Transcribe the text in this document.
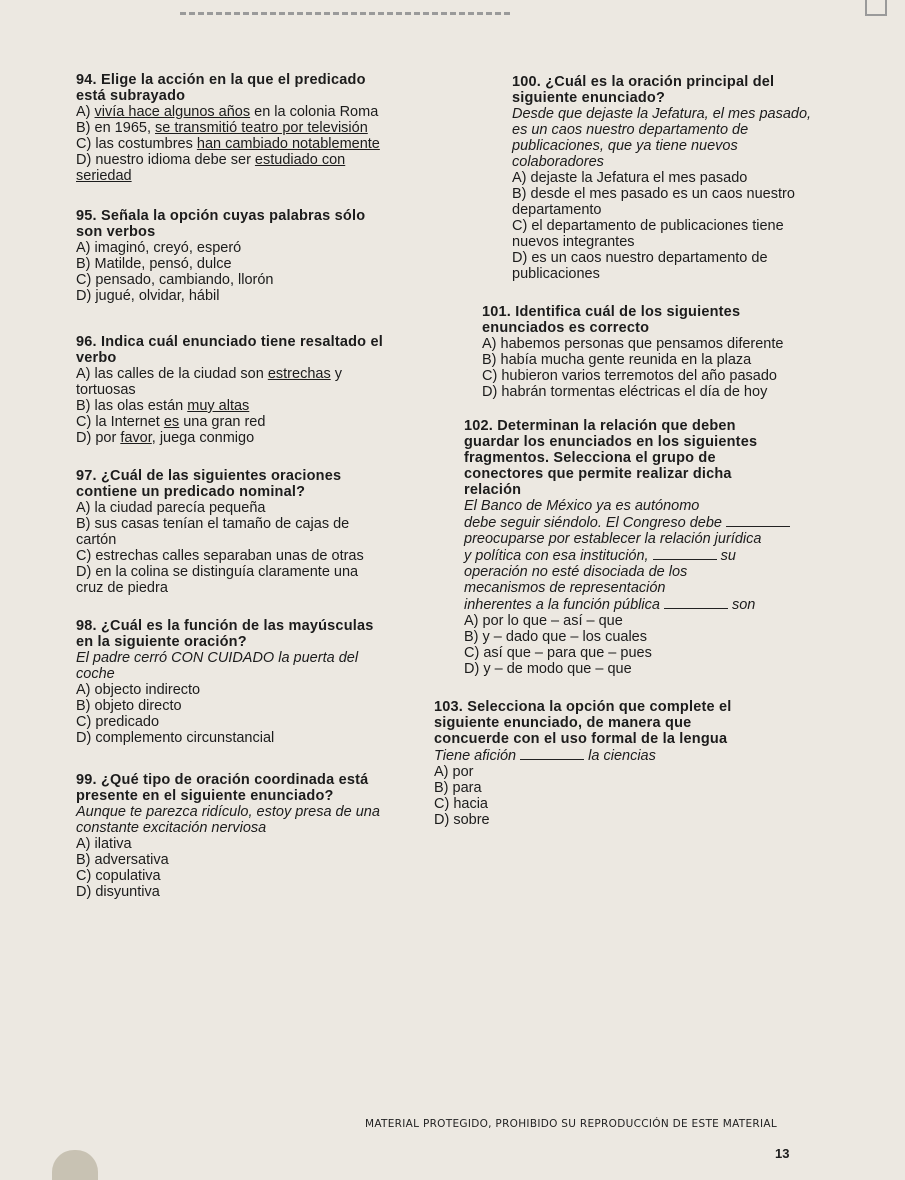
94. Elige la acción en la que el predicado
está subrayado
A) vivía hace algunos años en la colonia Roma
B) en 1965, se transmitió teatro por televisión
C) las costumbres han cambiado notablemente
D) nuestro idioma debe ser estudiado con
seriedad
95. Señala la opción cuyas palabras sólo
son verbos
A) imaginó, creyó, esperó
B) Matilde, pensó, dulce
C) pensado, cambiando, llorón
D) jugué, olvidar, hábil
96. Indica cuál enunciado tiene resaltado el
verbo
A) las calles de la ciudad son estrechas y
tortuosas
B) las olas están muy altas
C) la Internet es una gran red
D) por favor, juega conmigo
97. ¿Cuál de las siguientes oraciones
contiene un predicado nominal?
A) la ciudad parecía pequeña
B) sus casas tenían el tamaño de cajas de
cartón
C) estrechas calles separaban unas de otras
D) en la colina se distinguía claramente una
cruz de piedra
98. ¿Cuál es la función de las mayúsculas
en la siguiente oración?
El padre cerró CON CUIDADO la puerta del
coche
A) objecto indirecto
B) objeto directo
C) predicado
D) complemento circunstancial
99. ¿Qué tipo de oración coordinada está
presente en el siguiente enunciado?
Aunque te parezca ridículo, estoy presa de una
constante excitación nerviosa
A) ilativa
B) adversativa
C) copulativa
D) disyuntiva
100. ¿Cuál es la oración principal del
siguiente enunciado?
Desde que dejaste la Jefatura, el mes pasado,
es un caos nuestro departamento de
publicaciones, que ya tiene nuevos
colaboradores
A) dejaste la Jefatura el mes pasado
B) desde el mes pasado es un caos nuestro
departamento
C) el departamento de publicaciones tiene
nuevos integrantes
D) es un caos nuestro departamento de
publicaciones
101. Identifica cuál de los siguientes
enunciados es correcto
A) habemos personas que pensamos diferente
B) había mucha gente reunida en la plaza
C) hubieron varios terremotos del año pasado
D) habrán tormentas eléctricas el día de hoy
102. Determinan la relación que deben
guardar los enunciados en los siguientes
fragmentos. Selecciona el grupo de
conectores que permite realizar dicha
relación
El Banco de México ya es autónomo
debe seguir siéndolo. El Congreso debe
preocuparse por establecer la relación jurídica
y política con esa institución,	su
operación no esté disociada de los
mecanismos de representación
inherentes a la función pública	son
A) por lo que – así – que
B) y – dado que – los cuales
C) así que – para que – pues
D) y – de modo que – que
103. Selecciona la opción que complete el
siguiente enunciado, de manera que
concuerde con el uso formal de la lengua
Tiene afición	la ciencias
A) por
B) para
C) hacia
D) sobre
MATERIAL PROTEGIDO, PROHIBIDO SU REPRODUCCIÓN DE ESTE MATERIAL
13
